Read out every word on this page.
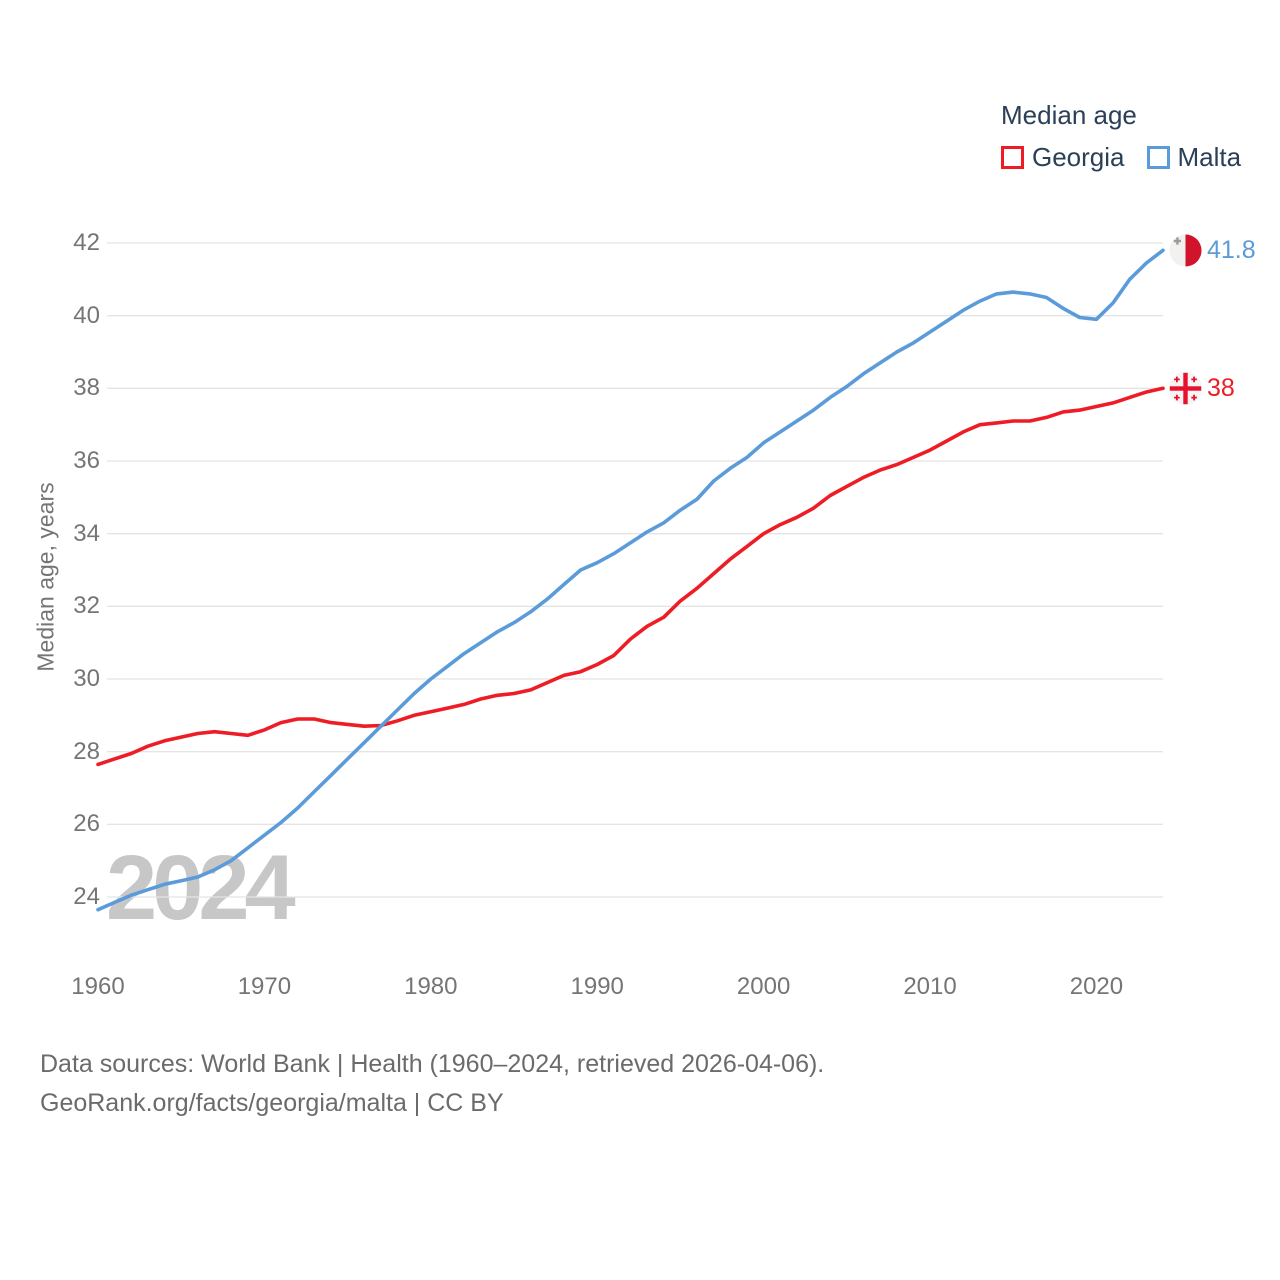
2024
24
26
28
30
32
34
36
38
40
42
1960	1970	1980	1990	2000	2010	2020
Median age, years
Median age
Georgia Malta
41.8
38
Data sources: World Bank | Health (1960–2024, retrieved 2026-04-06).
GeoRank.org/facts/georgia/malta | CC BY
